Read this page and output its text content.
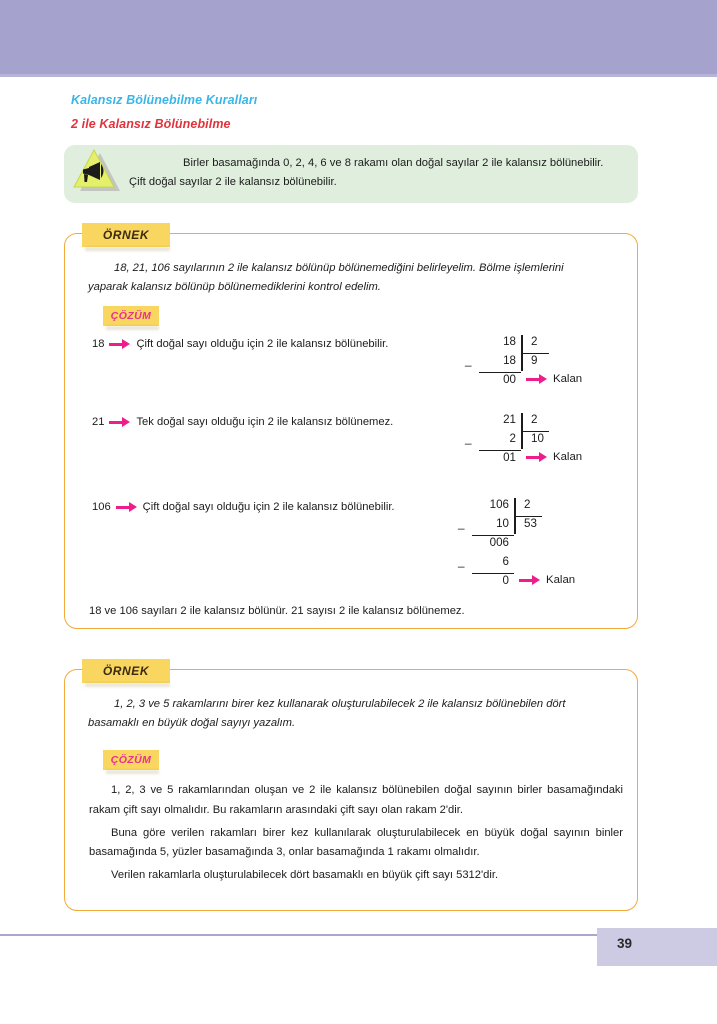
Kalansız Bölünebilme Kuralları
2 ile Kalansız Bölünebilme
Birler basamağında 0, 2, 4, 6 ve 8 rakamı olan doğal sayılar 2 ile kalansız bölünebilir.
Çift doğal sayılar 2 ile kalansız bölünebilir.
ÖRNEK
18, 21, 106 sayılarının 2 ile kalansız bölünüp bölünemediğini belirleyelim. Bölme işlemlerini
yaparak kalansız bölünüp bölünemediklerini kontrol edelim.
ÇÖZÜM
18	Çift doğal sayı olduğu için 2 ile kalansız bölünebilir.	18	2
_	18	9
00	Kalan
21	Tek doğal sayı olduğu için 2 ile kalansız bölünemez.	21	2
_	2	10
01	Kalan
106	Çift doğal sayı olduğu için 2 ile kalansız bölünebilir.	106	2
_	10	53
006
_	6
0	Kalan
18 ve 106 sayıları 2 ile kalansız bölünür. 21 sayısı 2 ile kalansız bölünemez.
ÖRNEK
1, 2, 3 ve 5 rakamlarını birer kez kullanarak oluşturulabilecek 2 ile kalansız bölünebilen dört
basamaklı en büyük doğal sayıyı yazalım.
ÇÖZÜM

1, 2, 3 ve 5 rakamlarından oluşan ve 2 ile kalansız bölünebilen doğal sayının birler basamağındaki rakam çift sayı olmalıdır. Bu rakamların arasındaki çift sayı olan rakam 2'dir.

Buna göre verilen rakamları birer kez kullanılarak oluşturulabilecek en büyük doğal sayının binler basamağında 5, yüzler basamağında 3, onlar basamağında 1 rakamı olmalıdır.

Verilen rakamlarla oluşturulabilecek dört basamaklı en büyük çift sayı 5312'dir.

39
